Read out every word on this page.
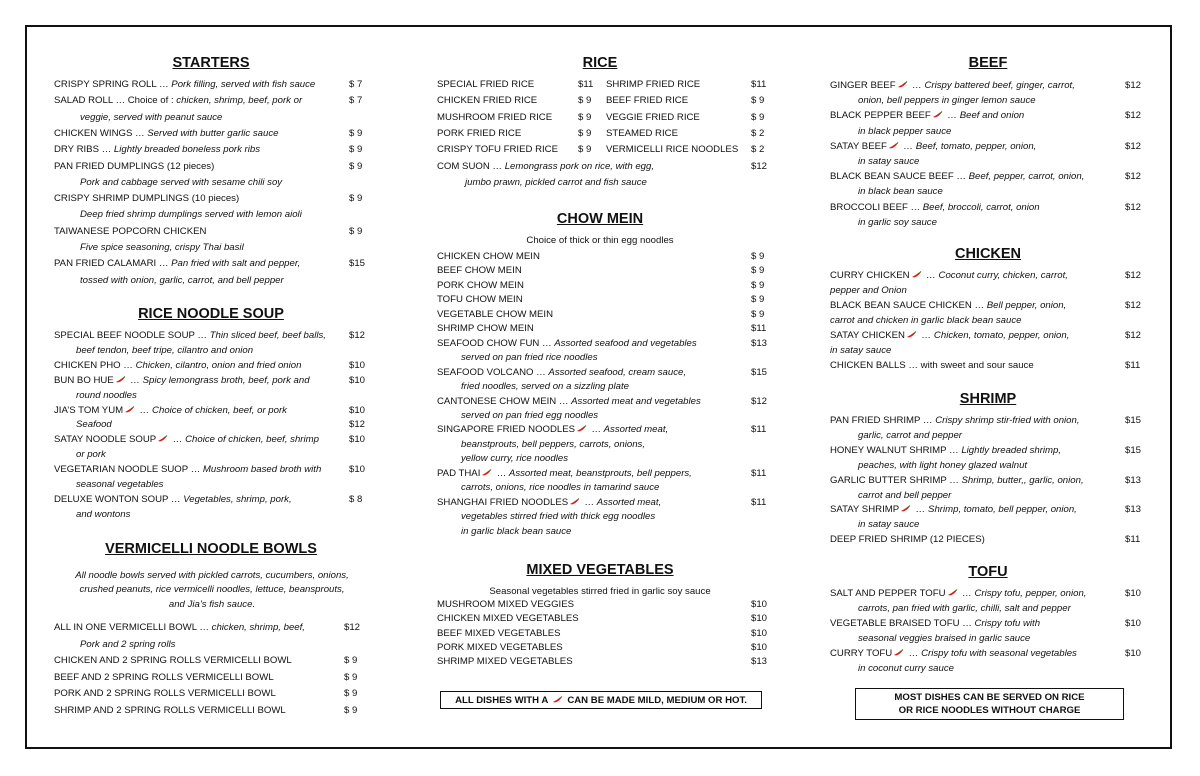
STARTERS
CRISPY SPRING ROLL … Pork filling, served with fish sauce	$ 7
SALAD ROLL … Choice of : chicken, shrimp, beef, pork or	$ 7
veggie, served with peanut sauce
CHICKEN WINGS … Served with butter garlic sauce	$ 9
DRY RIBS … Lightly breaded boneless pork ribs	$ 9
PAN FRIED DUMPLINGS (12 pieces)	$ 9
Pork and cabbage served with sesame chili soy
CRISPY SHRIMP DUMPLINGS (10 pieces)	$ 9
Deep fried shrimp dumplings served with lemon aioli
TAIWANESE POPCORN CHICKEN	$ 9
Five spice seasoning, crispy Thai basil
PAN FRIED CALAMARI … Pan fried with salt and pepper,	$15
tossed with onion, garlic, carrot, and bell pepper
RICE NOODLE SOUP
SPECIAL BEEF NOODLE SOUP … Thin sliced beef, beef balls, $12
beef tendon, beef tripe, cilantro and onion
CHICKEN PHO … Chicken, cilantro, onion and fried onion	$10
BUN BO HUE
… Spicy lemongrass broth, beef, pork and	$10
round noodles
JIA’S TOM YUM
… Choice of chicken, beef, or pork	$10
Seafood	$12
SATAY NOODLE SOUP
… Choice of chicken, beef, shrimp	$10
or pork
VEGETARIAN NOODLE SUOP … Mushroom based broth with	$10
seasonal vegetables
DELUXE WONTON SOUP … Vegetables, shrimp, pork,	$ 8
and wontons
VERMICELLI NOODLE BOWLS
All noodle bowls served with pickled carrots, cucumbers, onions,
crushed peanuts, rice vermicelli noodles, lettuce, beansprouts,
and Jia’s fish sauce.
ALL IN ONE VERMICELLI BOWL … chicken, shrimp, beef,	$12
Pork and 2 spring rolls
CHICKEN AND 2 SPRING ROLLS VERMICELLI BOWL	$ 9
BEEF AND 2 SPRING ROLLS VERMICELLI BOWL	$ 9
PORK AND 2 SPRING ROLLS VERMICELLI BOWL	$ 9
SHRIMP AND 2 SPRING ROLLS VERMICELLI BOWL	$ 9
RICE
SPECIAL FRIED RICE	$11
CHICKEN FRIED RICE	$ 9
MUSHROOM FRIED RICE	$ 9
PORK FRIED RICE	$ 9
CRISPY TOFU FRIED RICE $ 9
SHRIMP FRIED RICE	$11
BEEF FRIED RICE	$ 9
VEGGIE FRIED RICE	$ 9
STEAMED RICE	$ 2
VERMICELLI RICE NOODLES $ 2
COM SUON … Lemongrass pork on rice, with egg,	$12
jumbo prawn, pickled carrot and fish sauce
CHOW MEIN
Choice of thick or thin egg noodles
CHICKEN CHOW MEIN	$ 9
BEEF CHOW MEIN	$ 9
PORK CHOW MEIN	$ 9
TOFU CHOW MEIN	$ 9
VEGETABLE CHOW MEIN	$ 9
SHRIMP CHOW MEIN	$11
SEAFOOD CHOW FUN … Assorted seafood and vegetables	$13
served on pan fried rice noodles
SEAFOOD VOLCANO … Assorted seafood, cream sauce,	$15
fried noodles, served on a sizzling plate
CANTONESE CHOW MEIN … Assorted meat and vegetables	$12
served on pan fried egg noodles
SINGAPORE FRIED NOODLES
… Assorted meat,	$11
beanstprouts, bell peppers, carrots, onions,
yellow curry, rice noodles
PAD THAI
… Assorted meat, beanstprouts, bell peppers,	$11
carrots, onions, rice noodles in tamarind sauce
SHANGHAI FRIED NOODLES
… Assorted meat,	$11
vegetables stirred fried with thick egg noodles
in garlic black bean sauce
MIXED VEGETABLES
Seasonal vegetables stirred fried in garlic soy sauce
MUSHROOM MIXED VEGGIES	$10
CHICKEN MIXED VEGETABLES	$10
BEEF MIXED VEGETABLES	$10
PORK MIXED VEGETABLES	$10
SHRIMP MIXED VEGETABLES	$13
ALL DISHES WITH A
CAN BE MADE MILD, MEDIUM OR HOT.
BEEF
GINGER BEEF
… Crispy battered beef, ginger, carrot,	$12
onion, bell peppers in ginger lemon sauce
BLACK PEPPER BEEF
… Beef and onion	$12
in black pepper sauce
SATAY BEEF
… Beef, tomato, pepper, onion,	$12
in satay sauce
BLACK BEAN SAUCE BEEF … Beef, pepper, carrot, onion,	$12
in black bean sauce
BROCCOLI BEEF … Beef, broccoli, carrot, onion	$12
in garlic soy sauce
CHICKEN
CURRY CHICKEN
… Coconut curry, chicken, carrot,	$12
pepper and Onion
BLACK BEAN SAUCE CHICKEN … Bell pepper, onion,	$12
carrot and chicken in garlic black bean sauce
SATAY CHICKEN
… Chicken, tomato, pepper, onion,	$12
in satay sauce
CHICKEN BALLS … with sweet and sour sauce	$11
SHRIMP
PAN FRIED SHRIMP … Crispy shrimp stir-fried with onion,	$15
garlic, carrot and pepper
HONEY WALNUT SHRIMP … Lightly breaded shrimp,	$15
peaches, with light honey glazed walnut
GARLIC BUTTER SHRIMP … Shrimp, butter,, garlic, onion,	$13
carrot and bell pepper
SATAY SHRIMP
… Shrimp, tomato, bell pepper, onion,	$13
in satay sauce
DEEP FRIED SHRIMP (12 PIECES)	$11
TOFU
SALT AND PEPPER TOFU
… Crispy tofu, pepper, onion,	$10
carrots, pan fried with garlic, chilli, salt and pepper
VEGETABLE BRAISED TOFU … Crispy tofu with	$10
seasonal veggies braised in garlic sauce
CURRY TOFU
… Crispy tofu with seasonal vegetables	$10
in coconut curry sauce
MOST DISHES CAN BE SERVED ON RICE
OR RICE NOODLES WITHOUT CHARGE
